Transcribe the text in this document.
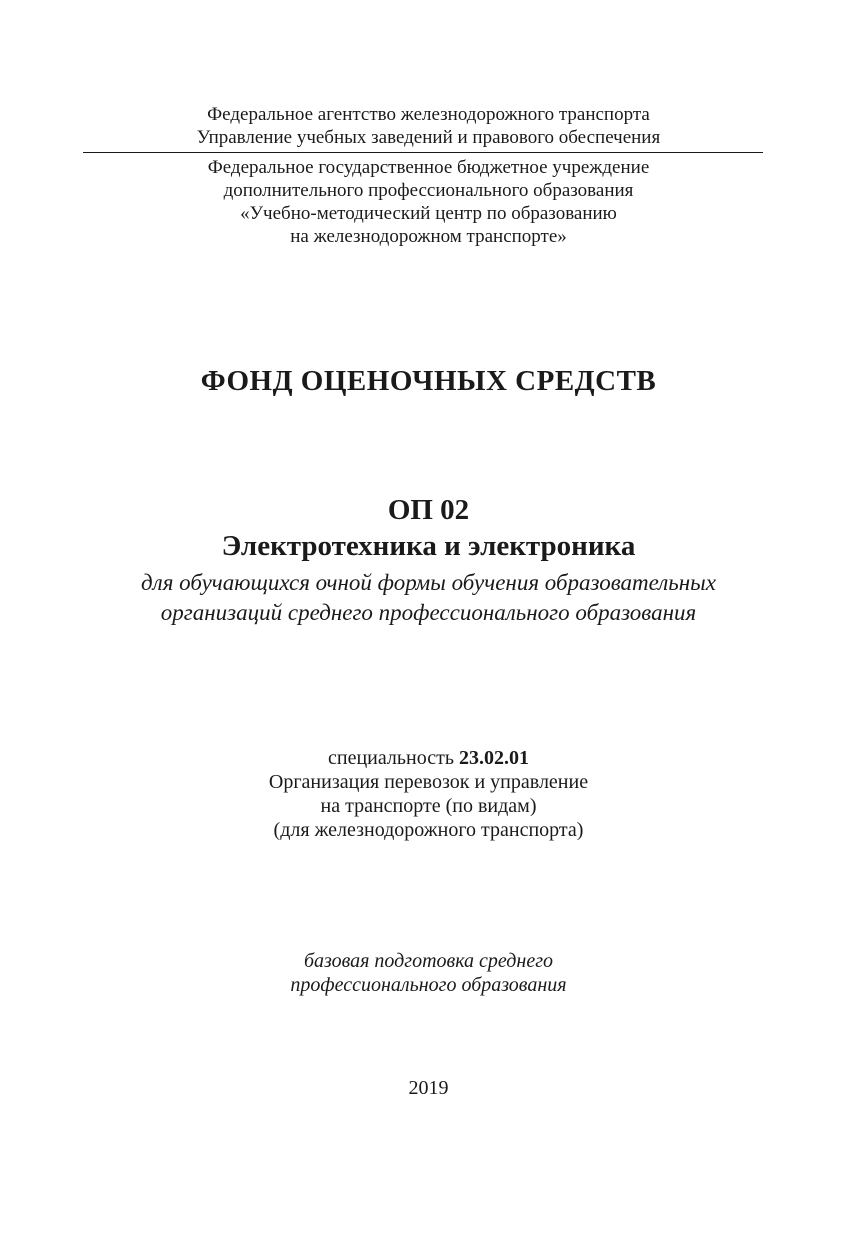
Федеральное агентство железнодорожного транспорта
Управление учебных заведений и правового обеспечения
Федеральное государственное бюджетное учреждение
дополнительного профессионального образования
«Учебно-методический центр по образованию
на железнодорожном транспорте»
ФОНД ОЦЕНОЧНЫХ СРЕДСТВ
ОП 02
Электротехника и электроника
для обучающихся очной формы обучения образовательных
организаций среднего профессионального образования
специальность 23.02.01
Организация перевозок и управление
на транспорте (по видам)
(для железнодорожного транспорта)
базовая подготовка среднего
профессионального образования
2019
